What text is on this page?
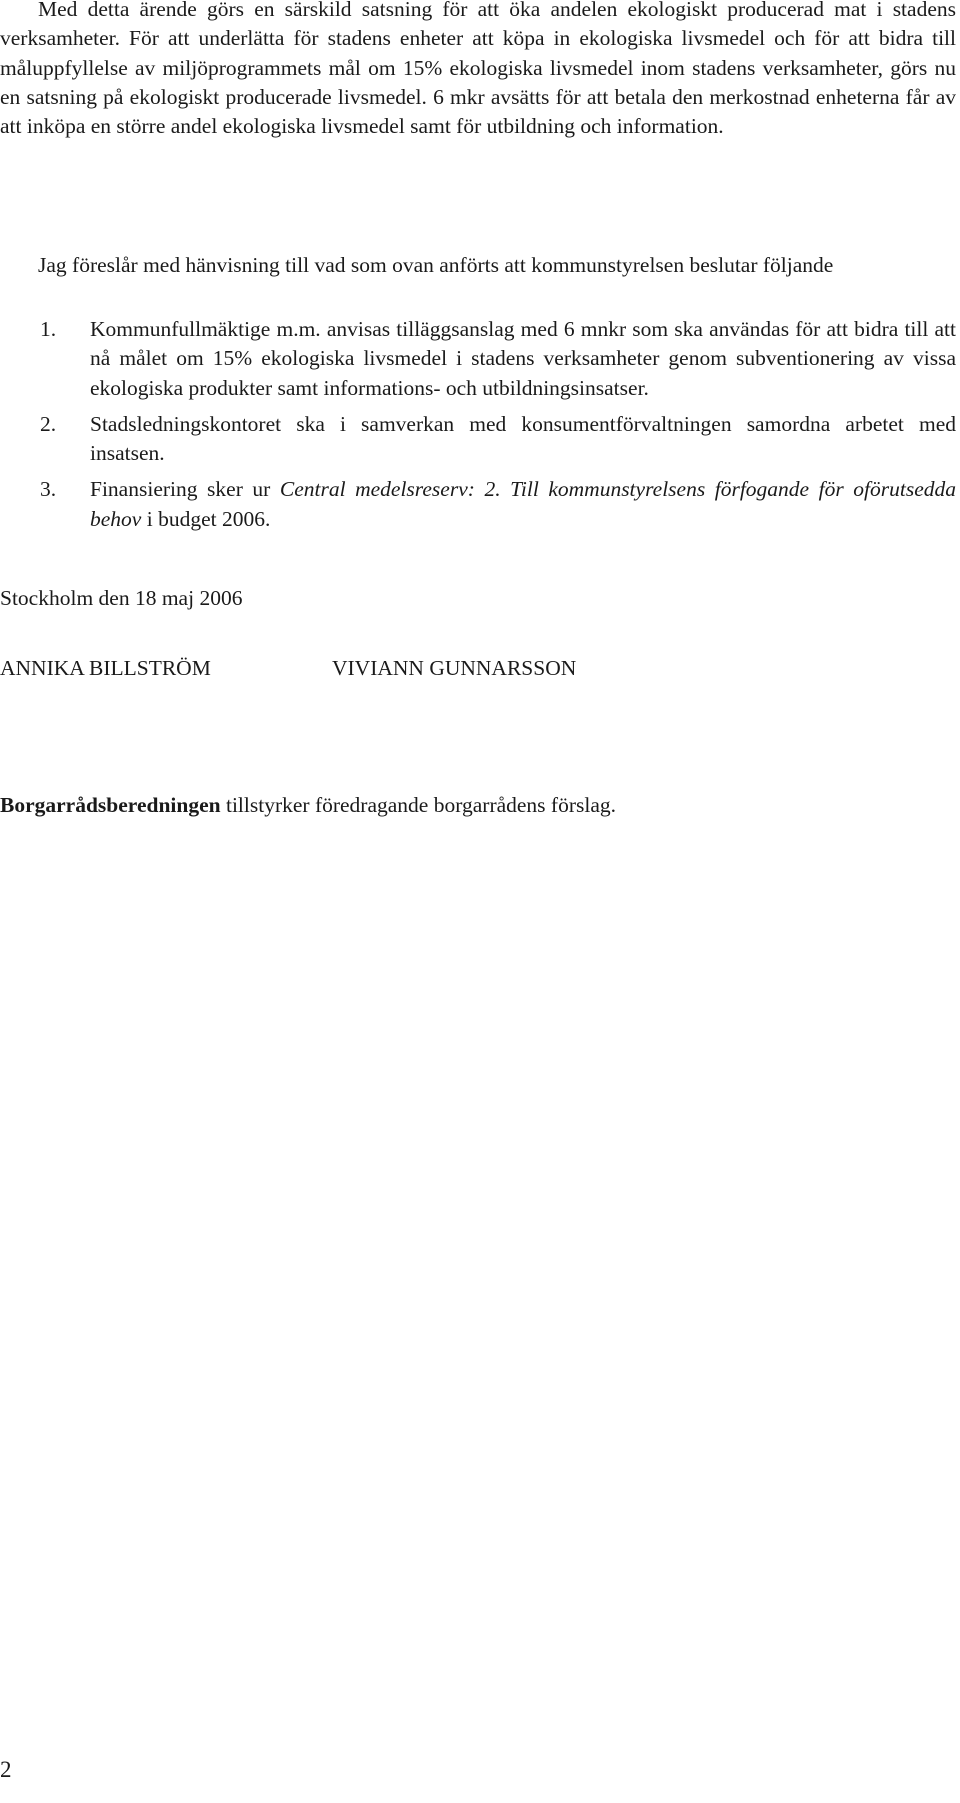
Med detta ärende görs en särskild satsning för att öka andelen ekologiskt producerad mat i stadens verksamheter. För att underlätta för stadens enheter att köpa in ekologiska livsmedel och för att bidra till måluppfyllelse av miljöprogrammets mål om 15% ekologiska livsmedel inom stadens verksamheter, görs nu en satsning på ekologiskt producerade livsmedel. 6 mkr avsätts för att betala den merkostnad enheterna får av att inköpa en större andel ekologiska livsmedel samt för utbildning och information.

Jag föreslår med hänvisning till vad som ovan anförts att kommunstyrelsen beslutar följande

1. Kommunfullmäktige m.m. anvisas tilläggsanslag med 6 mnkr som ska användas för att bidra till att nå målet om 15% ekologiska livsmedel i stadens verksamheter genom subventionering av vissa ekologiska produkter samt informations- och utbildningsinsatser.
2. Stadsledningskontoret ska i samverkan med konsumentförvaltningen samordna arbetet med insatsen.
3. Finansiering sker ur Central medelsreserv: 2. Till kommunstyrelsens förfogande för oförutsedda behov i budget 2006.

Stockholm den 18 maj 2006

ANNIKA BILLSTRÖM	VIVIANN GUNNARSSON

Borgarrådsberedningen tillstyrker föredragande borgarrådens förslag.

2
